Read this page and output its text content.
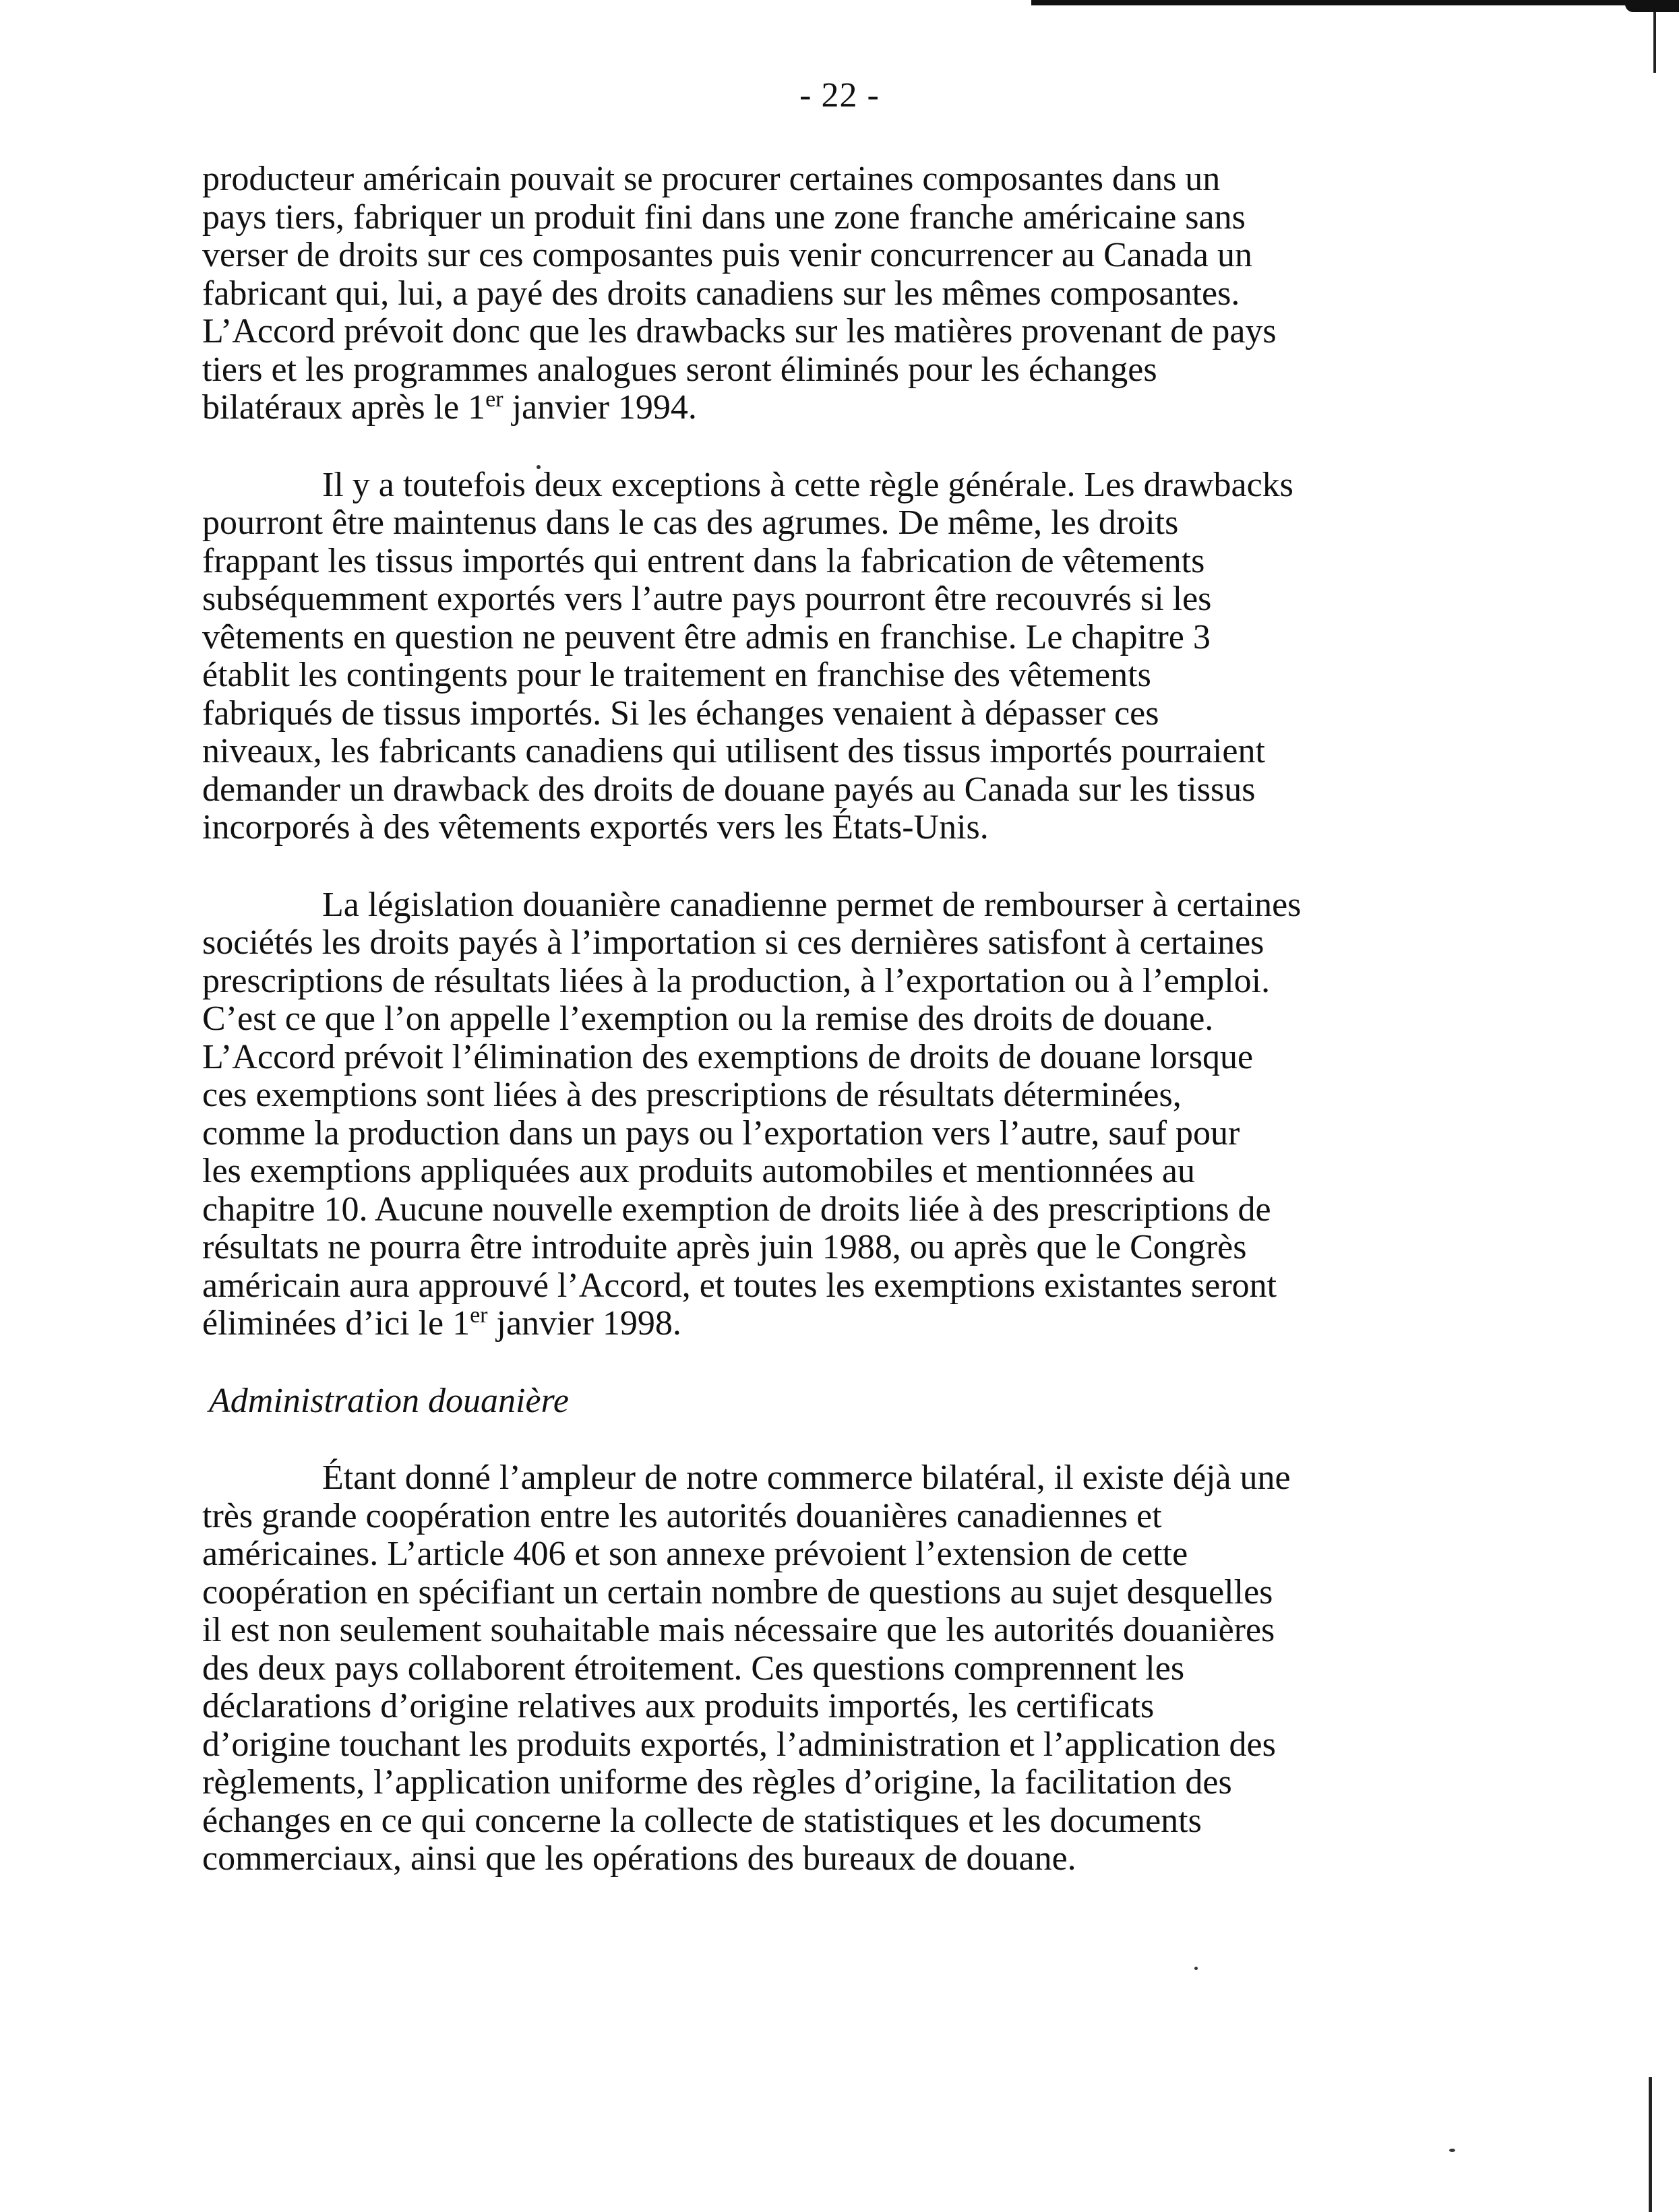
- 22 -
producteur américain pouvait se procurer certaines composantes dans un
pays tiers, fabriquer un produit fini dans une zone franche américaine sans
verser de droits sur ces composantes puis venir concurrencer au Canada un
fabricant qui, lui, a payé des droits canadiens sur les mêmes composantes.
L’Accord prévoit donc que les drawbacks sur les matières provenant de pays
tiers et les programmes analogues seront éliminés pour les échanges
bilatéraux après le 1er janvier 1994.
Il y a toutefois deux exceptions à cette règle générale. Les drawbacks
pourront être maintenus dans le cas des agrumes. De même, les droits
frappant les tissus importés qui entrent dans la fabrication de vêtements
subséquemment exportés vers l’autre pays pourront être recouvrés si les
vêtements en question ne peuvent être admis en franchise. Le chapitre 3
établit les contingents pour le traitement en franchise des vêtements
fabriqués de tissus importés. Si les échanges venaient à dépasser ces
niveaux, les fabricants canadiens qui utilisent des tissus importés pourraient
demander un drawback des droits de douane payés au Canada sur les tissus
incorporés à des vêtements exportés vers les États-Unis.
La législation douanière canadienne permet de rembourser à certaines
sociétés les droits payés à l’importation si ces dernières satisfont à certaines
prescriptions de résultats liées à la production, à l’exportation ou à l’emploi.
C’est ce que l’on appelle l’exemption ou la remise des droits de douane.
L’Accord prévoit l’élimination des exemptions de droits de douane lorsque
ces exemptions sont liées à des prescriptions de résultats déterminées,
comme la production dans un pays ou l’exportation vers l’autre, sauf pour
les exemptions appliquées aux produits automobiles et mentionnées au
chapitre 10. Aucune nouvelle exemption de droits liée à des prescriptions de
résultats ne pourra être introduite après juin 1988, ou après que le Congrès
américain aura approuvé l’Accord, et toutes les exemptions existantes seront
éliminées d’ici le 1er janvier 1998.
Administration douanière
Étant donné l’ampleur de notre commerce bilatéral, il existe déjà une
très grande coopération entre les autorités douanières canadiennes et
américaines. L’article 406 et son annexe prévoient l’extension de cette
coopération en spécifiant un certain nombre de questions au sujet desquelles
il est non seulement souhaitable mais nécessaire que les autorités douanières
des deux pays collaborent étroitement. Ces questions comprennent les
déclarations d’origine relatives aux produits importés, les certificats
d’origine touchant les produits exportés, l’administration et l’application des
règlements, l’application uniforme des règles d’origine, la facilitation des
échanges en ce qui concerne la collecte de statistiques et les documents
commerciaux, ainsi que les opérations des bureaux de douane.
